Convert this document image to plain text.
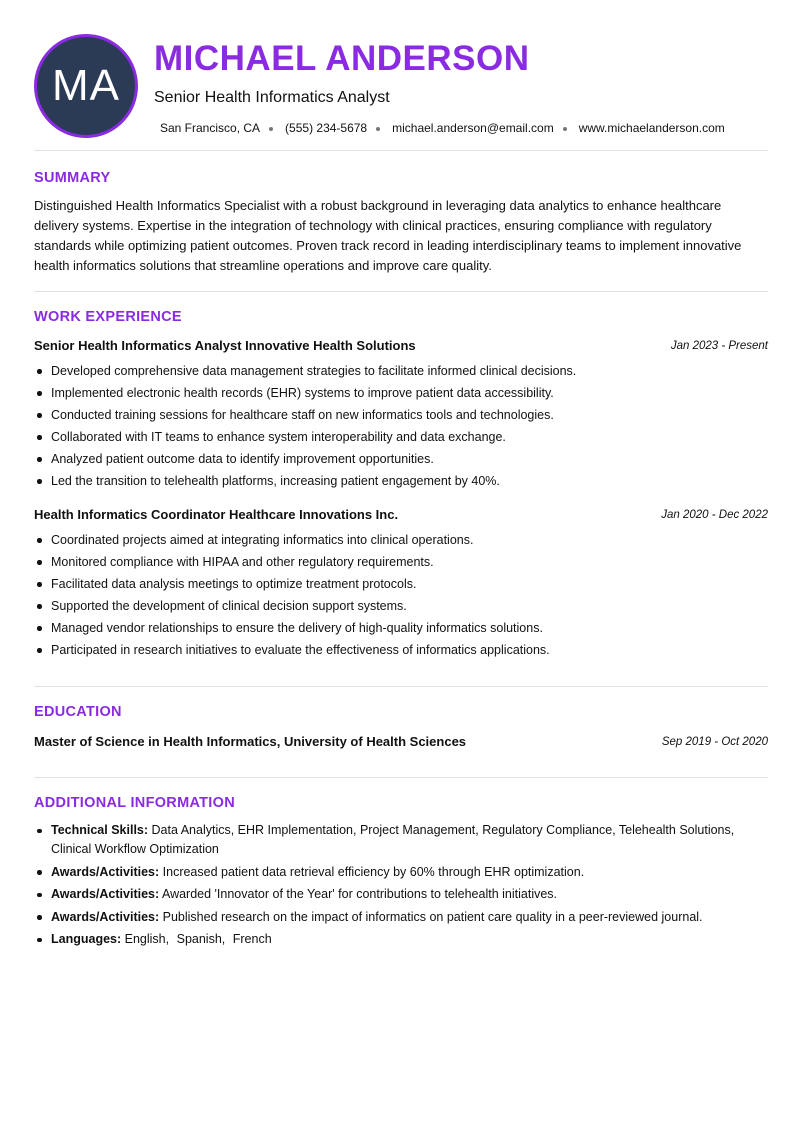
MA
MICHAEL ANDERSON
Senior Health Informatics Analyst
San Francisco, CA (555) 234-5678 michael.anderson@email.com www.michaelanderson.com
SUMMARY

Distinguished Health Informatics Specialist with a robust background in leveraging data analytics to enhance healthcare delivery systems. Expertise in the integration of technology with clinical practices, ensuring compliance with regulatory standards while optimizing patient outcomes. Proven track record in leading interdisciplinary teams to implement innovative health informatics solutions that streamline operations and improve care quality.

WORK EXPERIENCE
Senior Health Informatics Analyst Innovative Health Solutions	Jan 2023 - Present
Developed comprehensive data management strategies to facilitate informed clinical decisions.
Implemented electronic health records (EHR) systems to improve patient data accessibility.
Conducted training sessions for healthcare staff on new informatics tools and technologies.
Collaborated with IT teams to enhance system interoperability and data exchange.
Analyzed patient outcome data to identify improvement opportunities.
Led the transition to telehealth platforms, increasing patient engagement by 40%.
Health Informatics Coordinator Healthcare Innovations Inc.	Jan 2020 - Dec 2022
Coordinated projects aimed at integrating informatics into clinical operations.
Monitored compliance with HIPAA and other regulatory requirements.
Facilitated data analysis meetings to optimize treatment protocols.
Supported the development of clinical decision support systems.
Managed vendor relationships to ensure the delivery of high-quality informatics solutions.
Participated in research initiatives to evaluate the effectiveness of informatics applications.
EDUCATION
Master of Science in Health Informatics, University of Health Sciences	Sep 2019 - Oct 2020
ADDITIONAL INFORMATION
Technical Skills: Data Analytics, EHR Implementation, Project Management, Regulatory Compliance, Telehealth Solutions, Clinical Workflow Optimization
Awards/Activities: Increased patient data retrieval efficiency by 60% through EHR optimization.
Awards/Activities: Awarded 'Innovator of the Year' for contributions to telehealth initiatives.
Awards/Activities: Published research on the impact of informatics on patient care quality in a peer-reviewed journal.
Languages: English, Spanish, French
